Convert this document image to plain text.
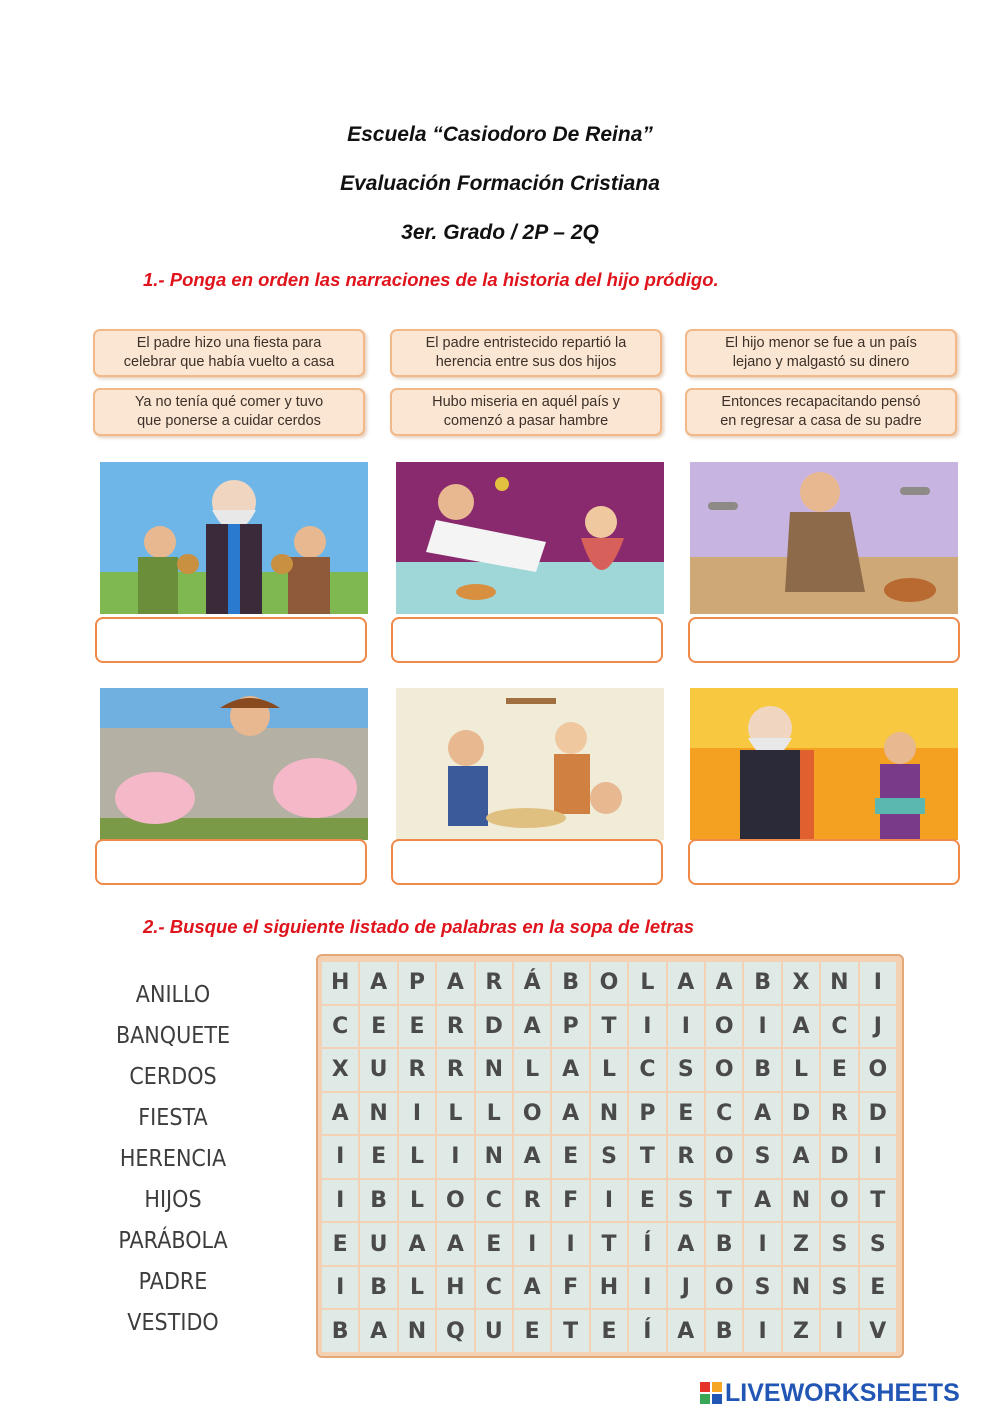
Escuela “Casiodoro De Reina”
Evaluación Formación Cristiana
3er. Grado / 2P – 2Q
1.- Ponga en orden las narraciones de la historia del hijo pródigo.
El padre hizo una fiesta para
celebrar que había vuelto a casa
El padre entristecido repartió la
herencia entre sus dos hijos
El hijo menor se fue a un país
lejano y malgastó su dinero
Ya no tenía qué comer y tuvo
que ponerse a cuidar cerdos
Hubo miseria en aquél país y
comenzó a pasar hambre
Entonces recapacitando pensó
en regresar a casa de su padre
2.- Busque el siguiente listado de palabras en la sopa de letras
ANILLO
BANQUETE
CERDOS
FIESTA
HERENCIA
HIJOS
PARÁBOLA
PADRE
VESTIDO
H A P A R Á B O	L	A A B X N	I
C	E	E	R D A P	T	I	I	O	I	A C	J
X U R R N	L	A	L	C	S O B	L	E O
A N	I	L	L	O A N P	E	C A D R D
I	E	L	I	N A	E	S	T	R O S A D	I
I	B	L	O C R	F	I	E	S	T	A N O T
E U A A	E	I	I	T	Í	A B	I	Z	S	S
I	B	L	H C A	F H	I	J	O S N S	E
B A N Q U E	T	E	Í	A B	I	Z	I	V
LIVEWORKSHEETS
